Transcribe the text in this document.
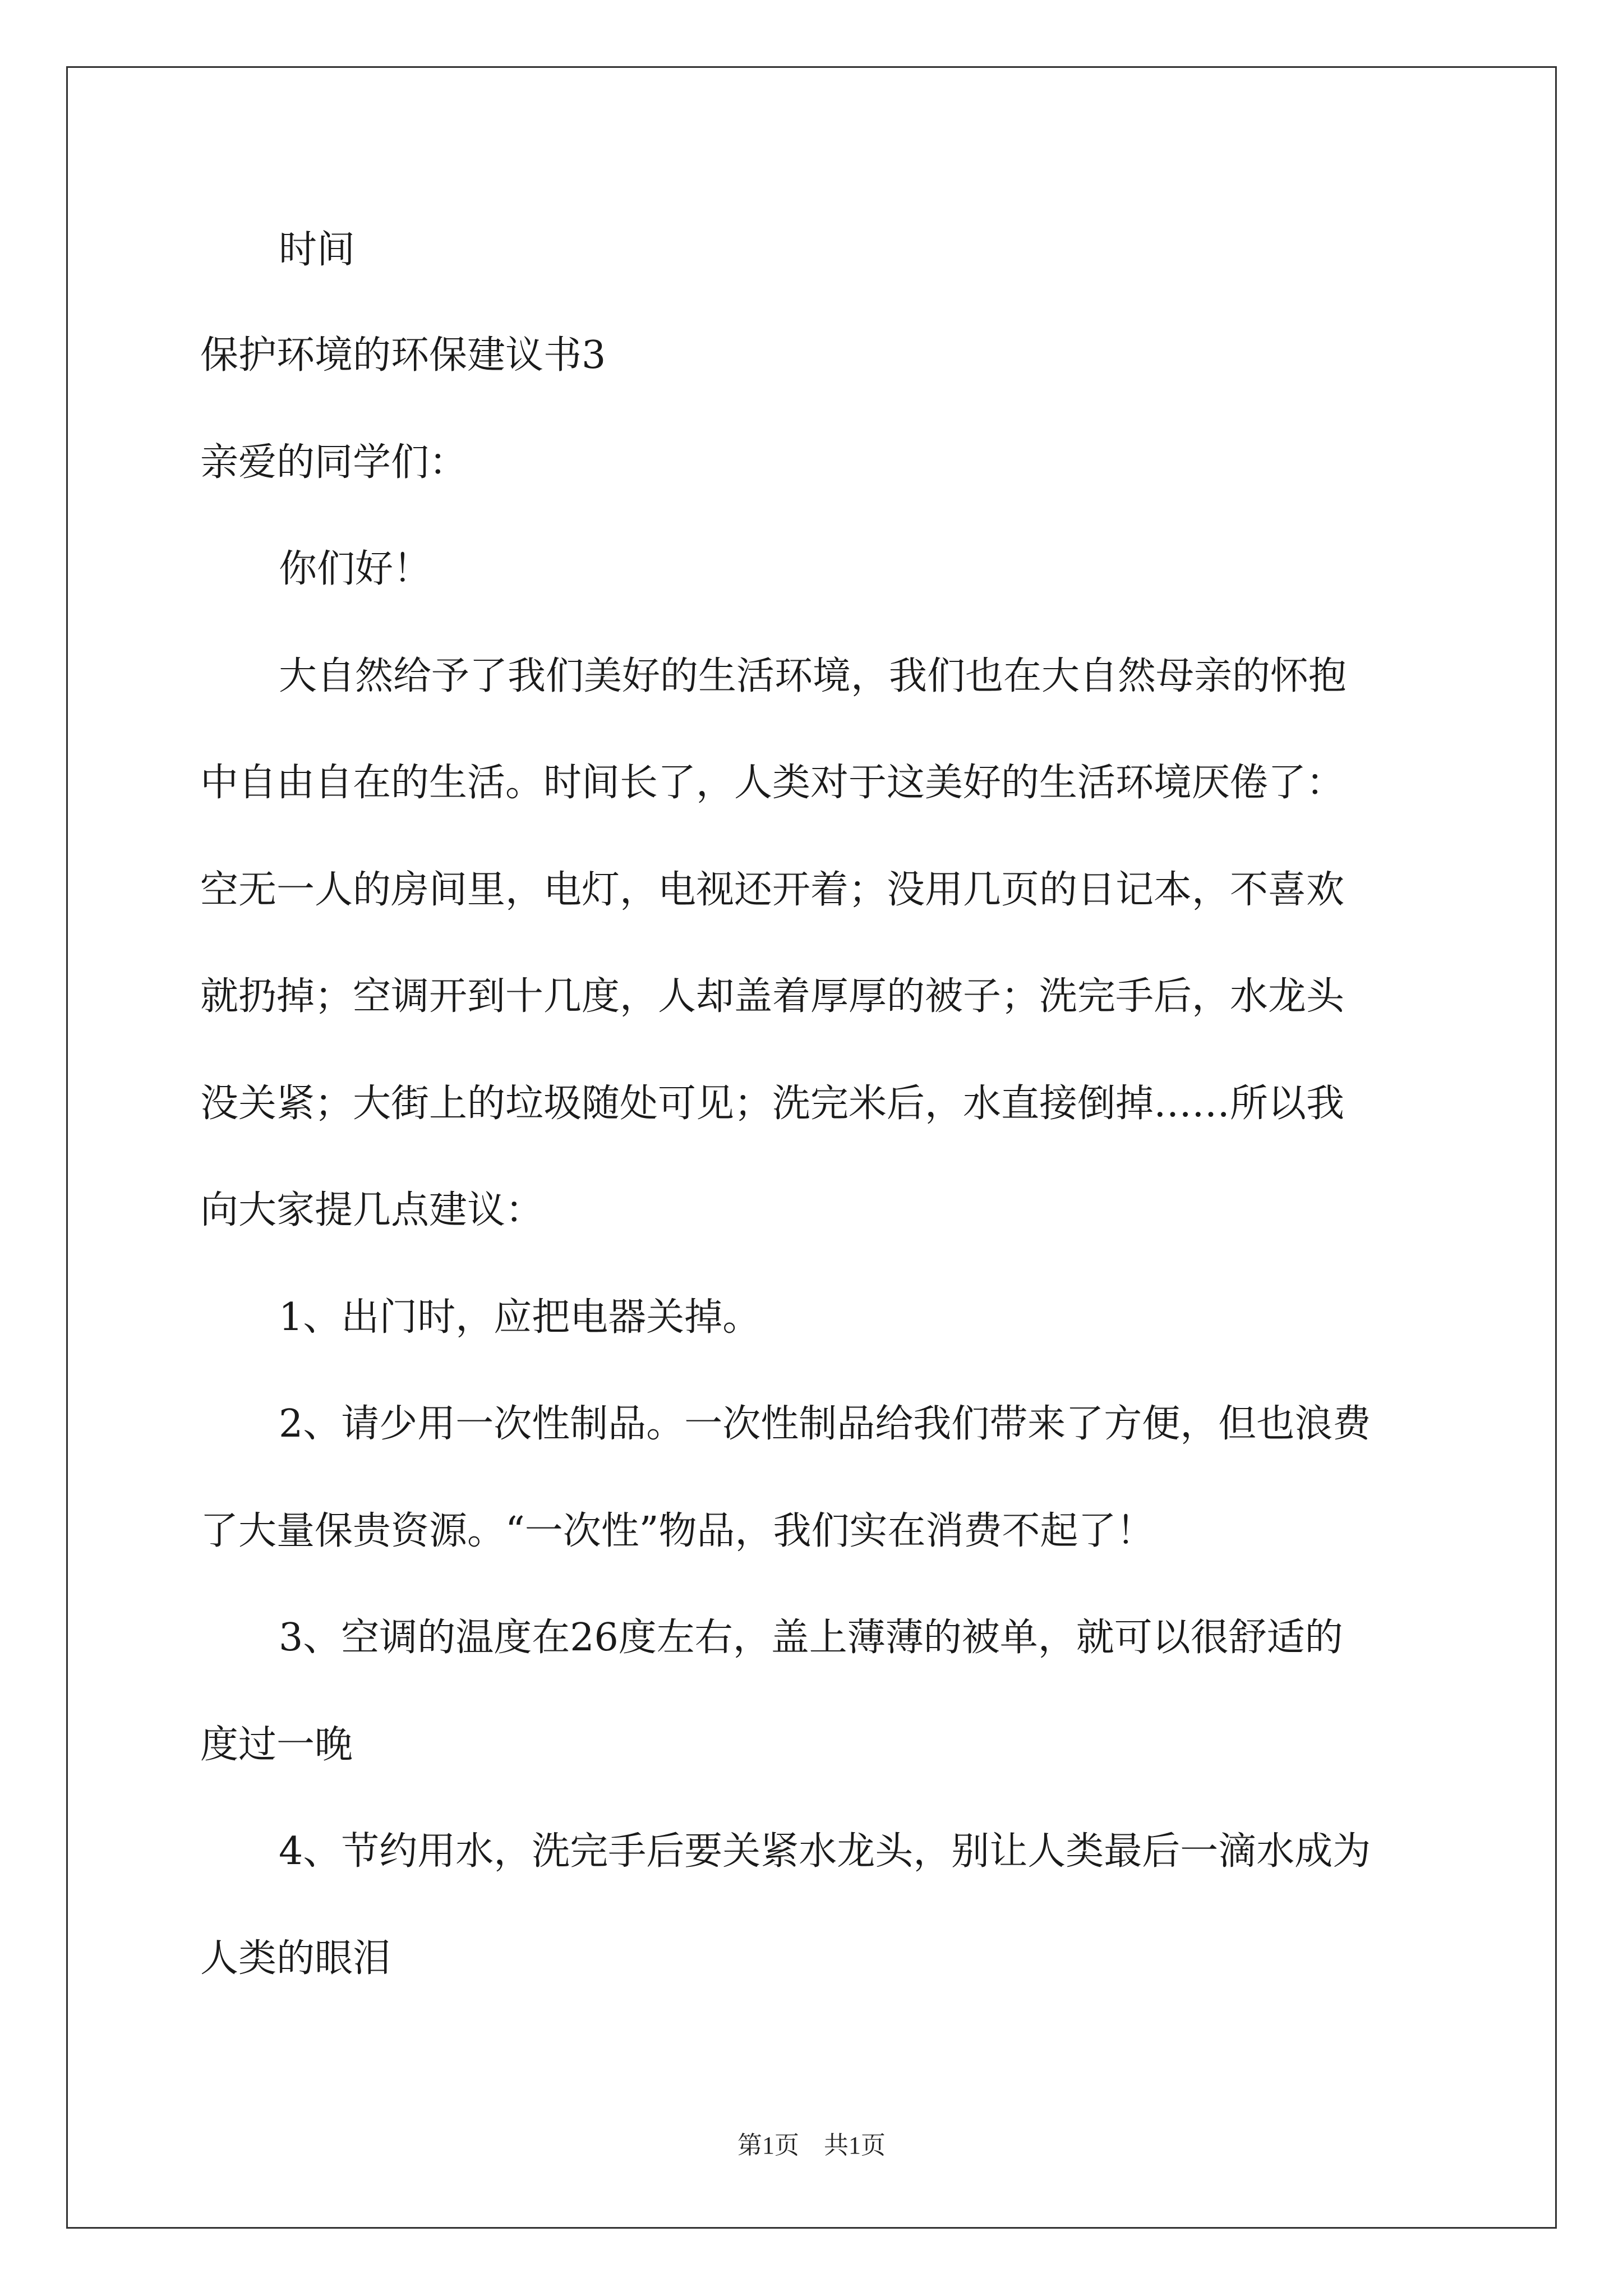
时间
保护环境的环保建议书3
亲爱的同学们：
你们好！
大自然给予了我们美好的生活环境，我们也在大自然母亲的怀抱
中自由自在的生活。时间长了，人类对于这美好的生活环境厌倦了：
空无一人的房间里，电灯，电视还开着；没用几页的日记本，不喜欢
就扔掉；空调开到十几度，人却盖着厚厚的被子；洗完手后，水龙头
没关紧；大街上的垃圾随处可见；洗完米后，水直接倒掉……所以我
向大家提几点建议：
1、出门时，应把电器关掉。
2、请少用一次性制品。一次性制品给我们带来了方便，但也浪费
了大量保贵资源。“一次性”物品，我们实在消费不起了！
3、空调的温度在26度左右，盖上薄薄的被单，就可以很舒适的
度过一晚
4、节约用水，洗完手后要关紧水龙头，别让人类最后一滴水成为
人类的眼泪
第1页　共1页
